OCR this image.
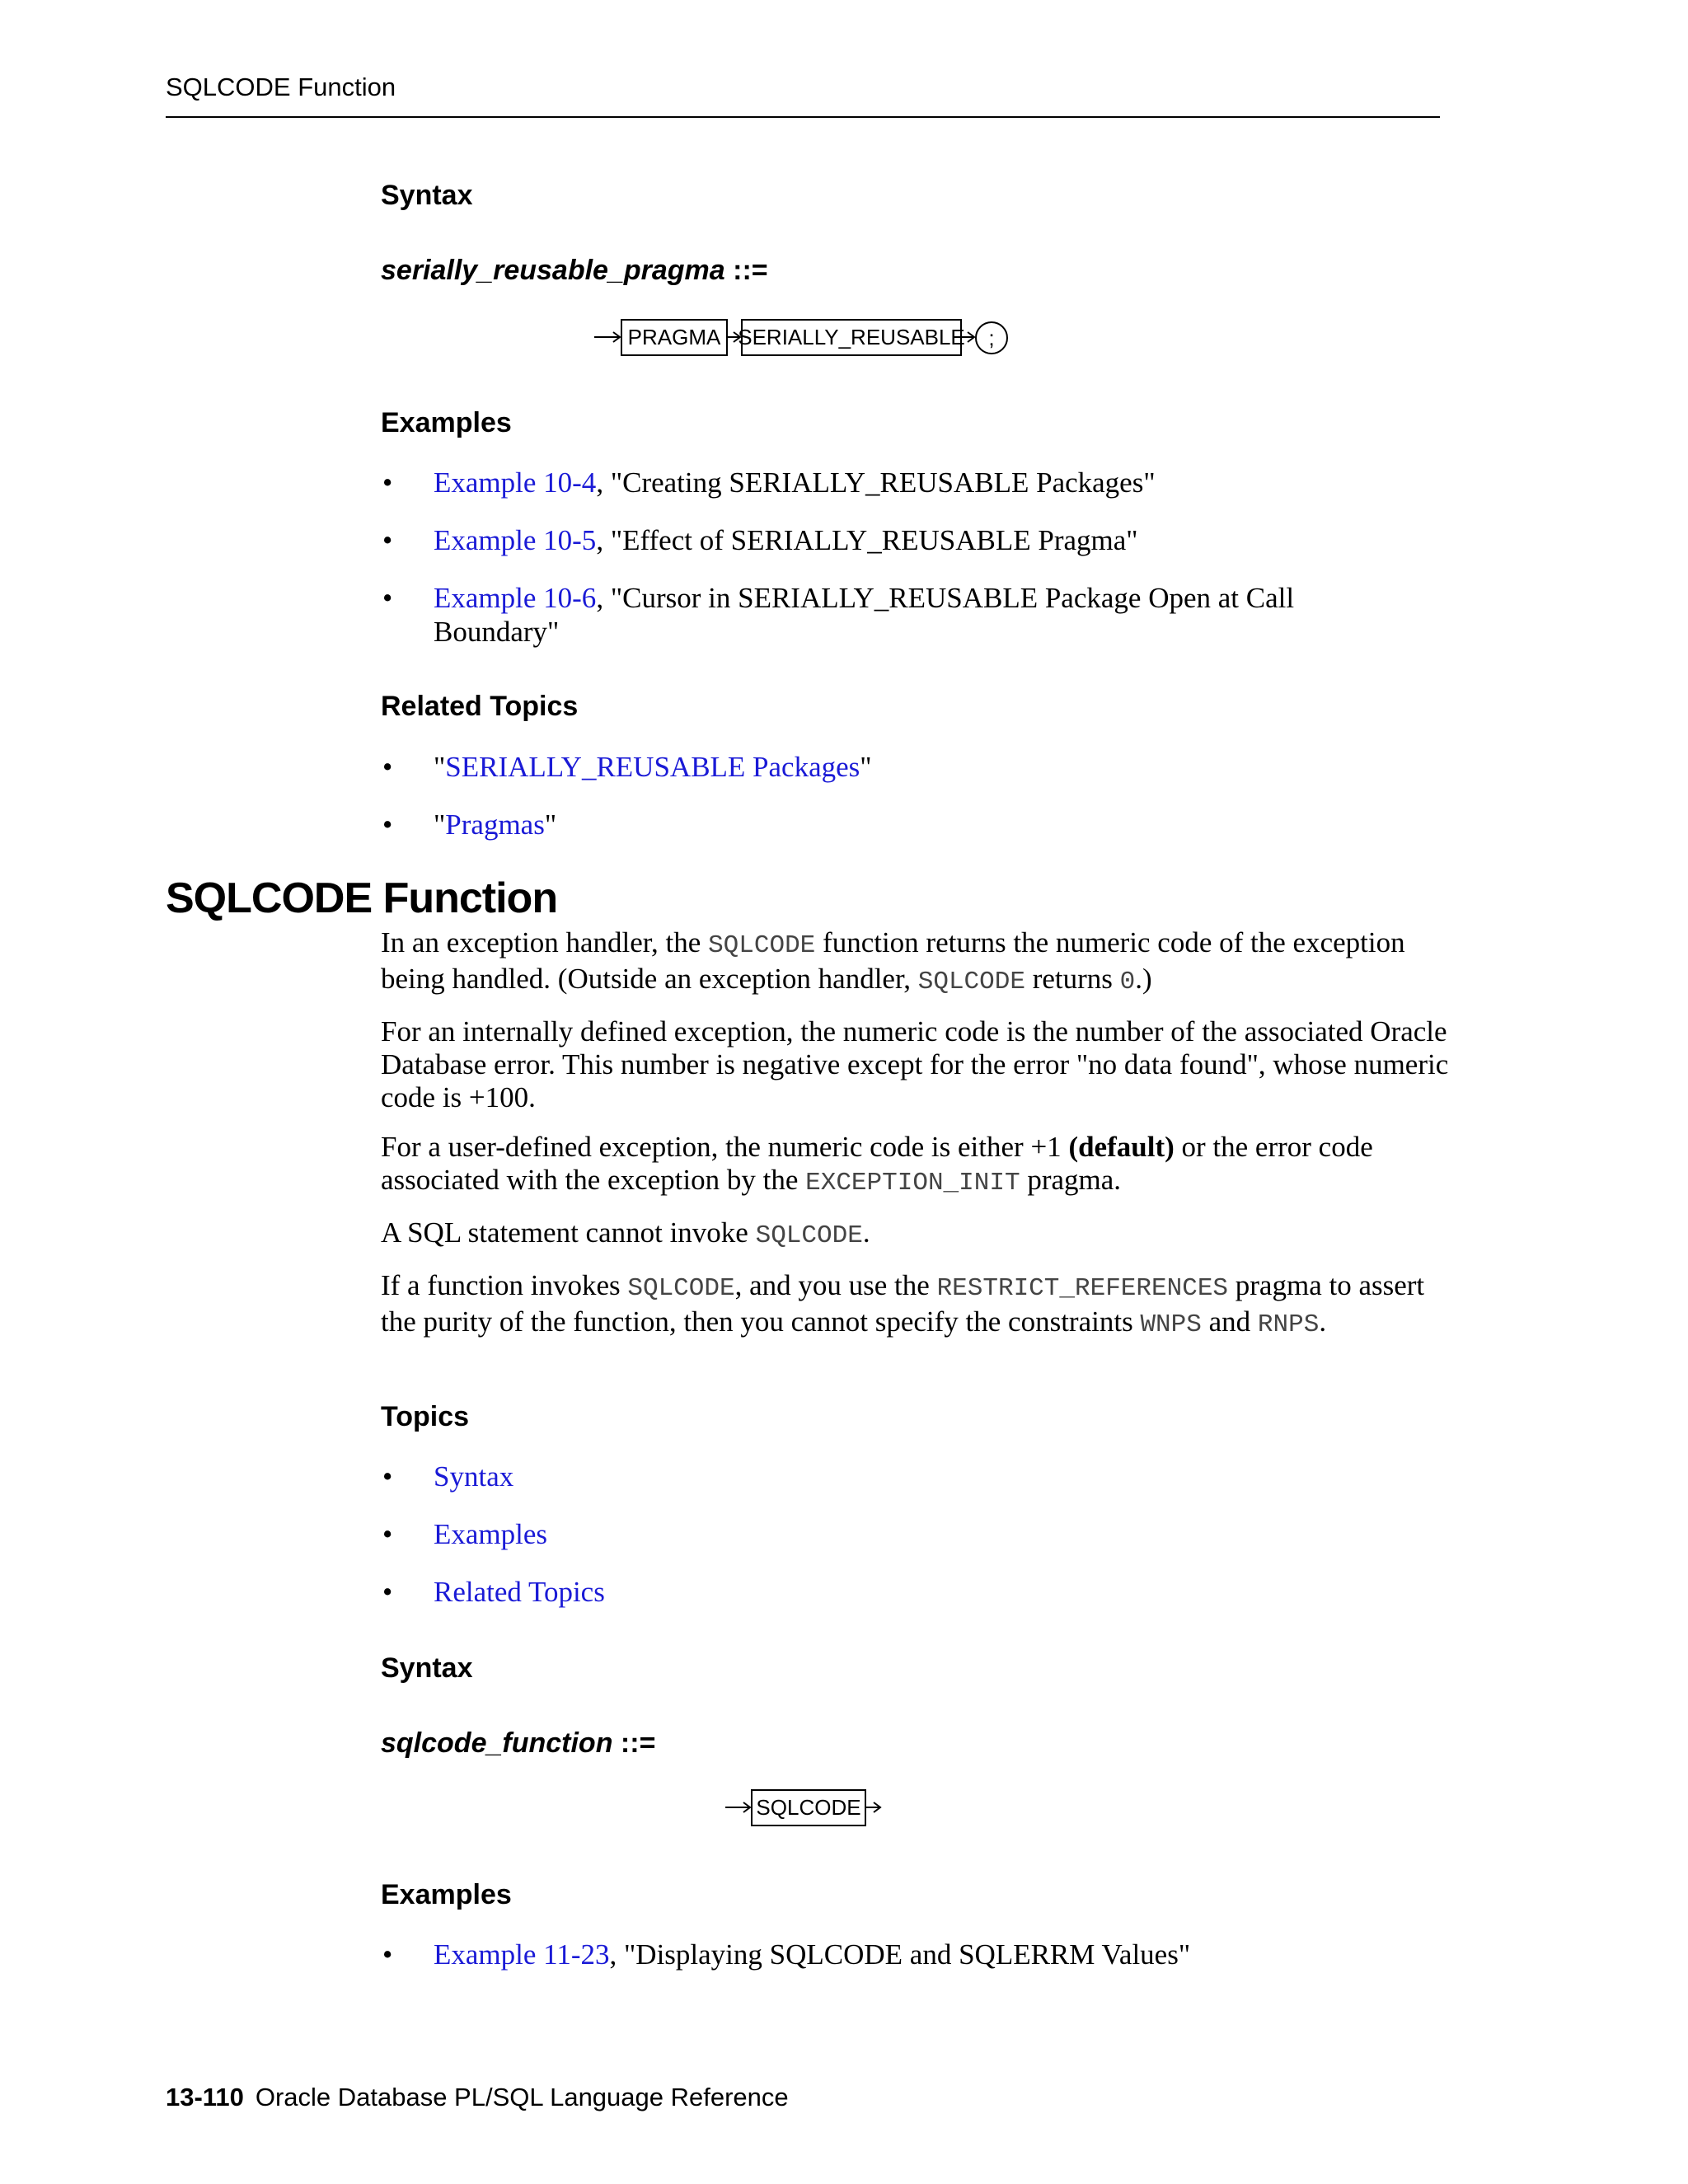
SQLCODE Function
Syntax
serially_reusable_pragma ::=
PRAGMA SERIALLY_REUSABLE	;
Examples
• Example 10-4, "Creating SERIALLY_REUSABLE Packages"
• Example 10-5, "Effect of SERIALLY_REUSABLE Pragma"
• Example 10-6, "Cursor in SERIALLY_REUSABLE Package Open at Call Boundary"
Related Topics
• "SERIALLY_REUSABLE Packages"
• "Pragmas"
SQLCODE Function

In an exception handler, the SQLCODE function returns the numeric code of the exception being handled. (Outside an exception handler, SQLCODE returns 0.)

For an internally defined exception, the numeric code is the number of the associated Oracle Database error. This number is negative except for the error "no data found", whose numeric code is +100.

For a user-defined exception, the numeric code is either +1 (default) or the error code associated with the exception by the EXCEPTION_INIT pragma.

A SQL statement cannot invoke SQLCODE.

If a function invokes SQLCODE, and you use the RESTRICT_REFERENCES pragma to assert the purity of the function, then you cannot specify the constraints WNPS and RNPS.

Topics
• Syntax
• Examples
• Related Topics
Syntax
sqlcode_function ::=
SQLCODE
Examples
• Example 11-23, "Displaying SQLCODE and SQLERRM Values"
13-110 Oracle Database PL/SQL Language Reference
